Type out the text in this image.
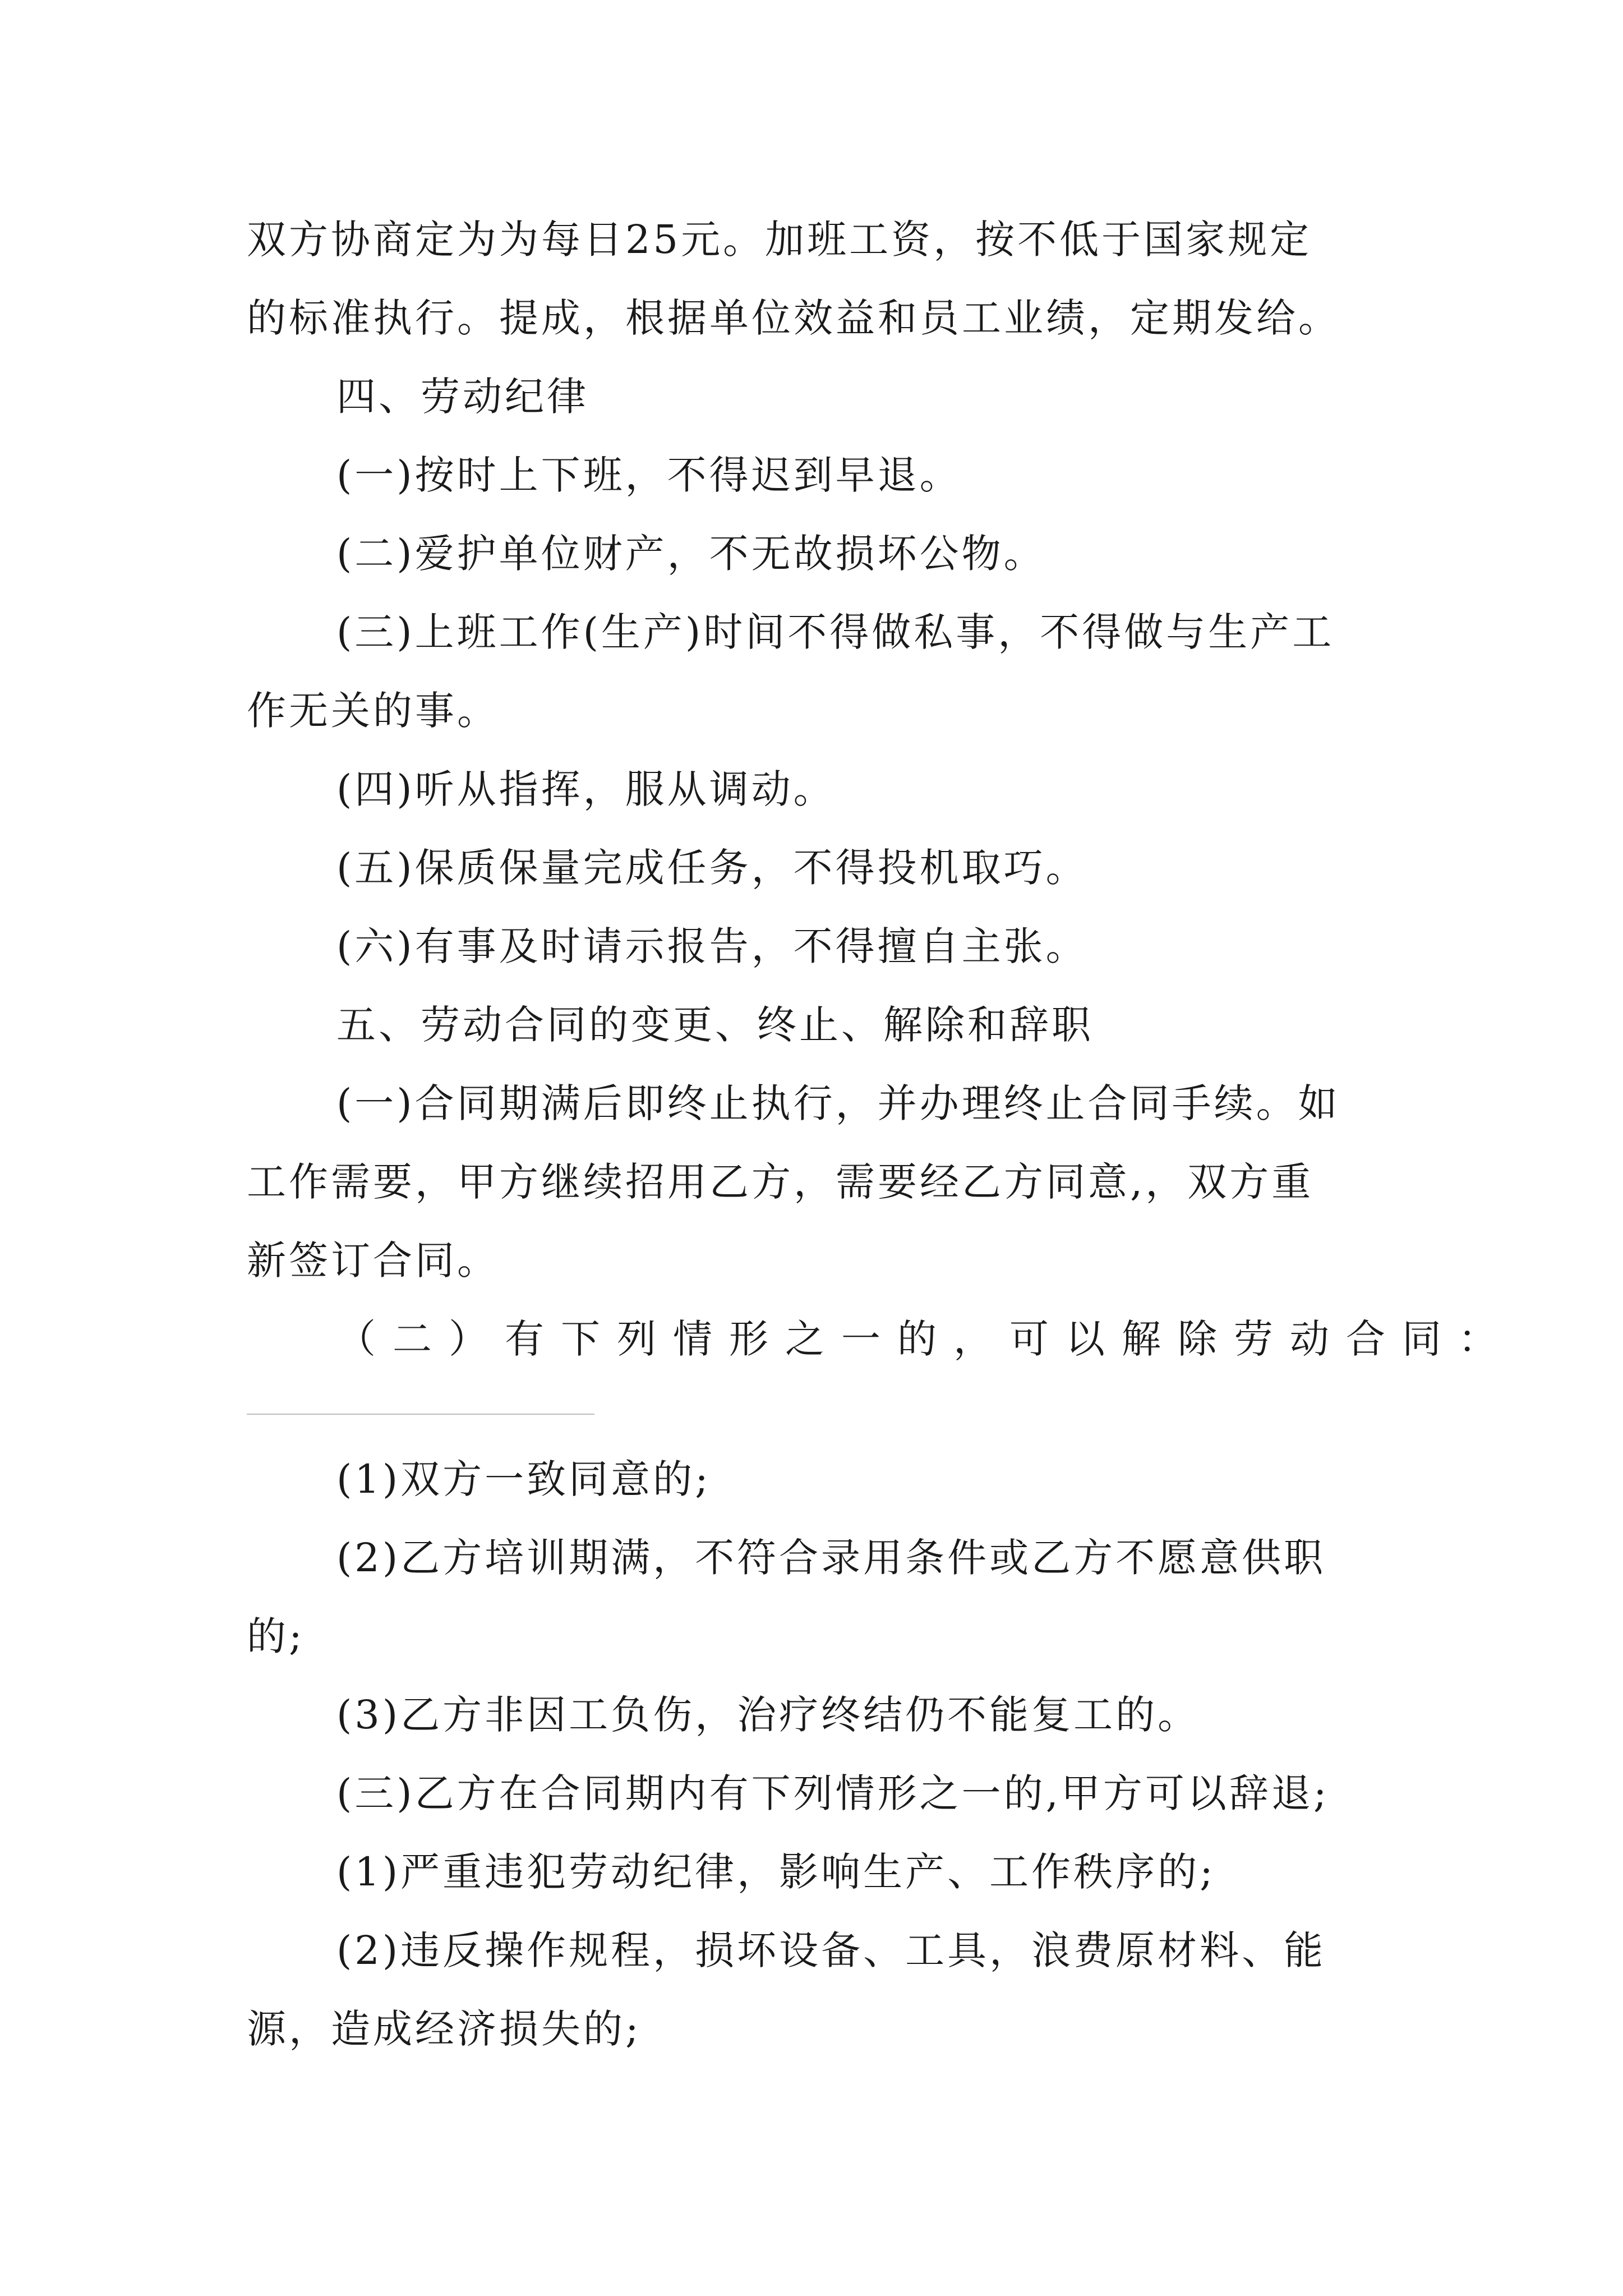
双方协商定为为每日25元。加班工资，按不低于国家规定
的标准执行。提成，根据单位效益和员工业绩，定期发给。
四、劳动纪律
(一)按时上下班，不得迟到早退。
(二)爱护单位财产，不无故损坏公物。
(三)上班工作(生产)时间不得做私事，不得做与生产工
作无关的事。
(四)听从指挥，服从调动。
(五)保质保量完成任务，不得投机取巧。
(六)有事及时请示报告，不得擅自主张。
五、劳动合同的变更、终止、解除和辞职
(一)合同期满后即终止执行，并办理终止合同手续。如
工作需要，甲方继续招用乙方，需要经乙方同意,，双方重
新签订合同。
（二）有下列情形之一的，可以解除劳动合同：
(1)双方一致同意的;
(2)乙方培训期满，不符合录用条件或乙方不愿意供职
的;
(3)乙方非因工负伤，治疗终结仍不能复工的。
(三)乙方在合同期内有下列情形之一的,甲方可以辞退;
(1)严重违犯劳动纪律，影响生产、工作秩序的;
(2)违反操作规程，损坏设备、工具，浪费原材料、能
源，造成经济损失的;
